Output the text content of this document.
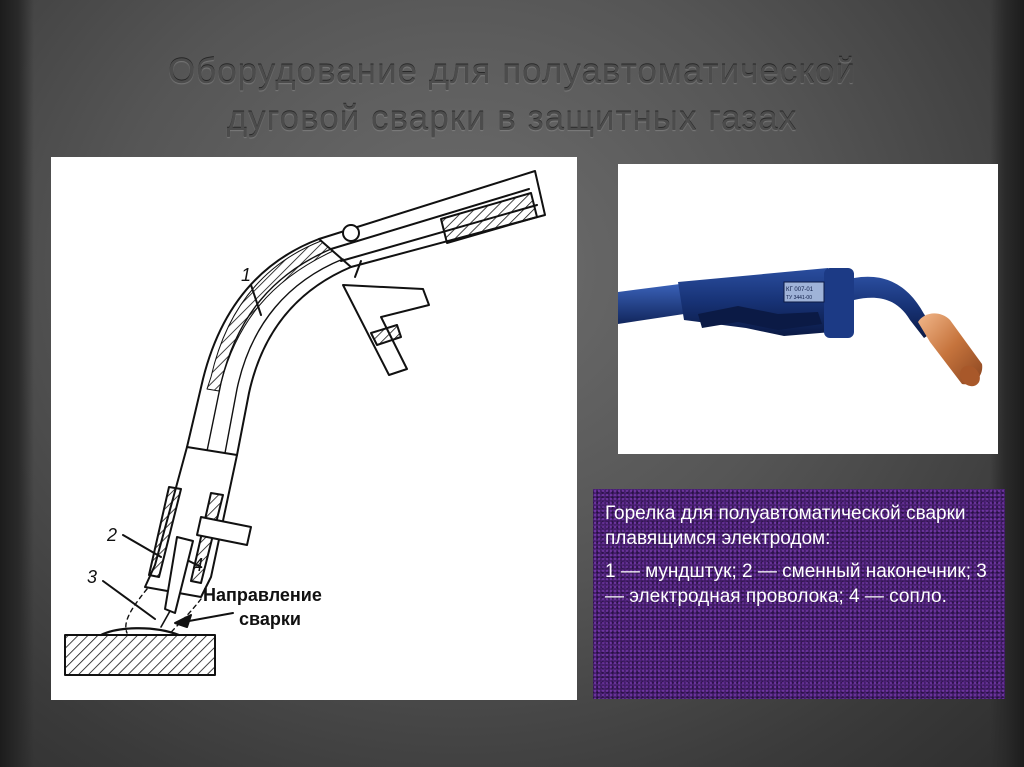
Оборудование для полуавтоматической
дуговой сварки в защитных газах
1
2
3
4
Направление
сварки
КГ 007-01
ТУ 3441-00

Горелка для полуавтоматической сварки плавящимся электродом:

1 — мундштук; 2 — сменный наконечник; 3 — электродная проволока; 4 — сопло.
